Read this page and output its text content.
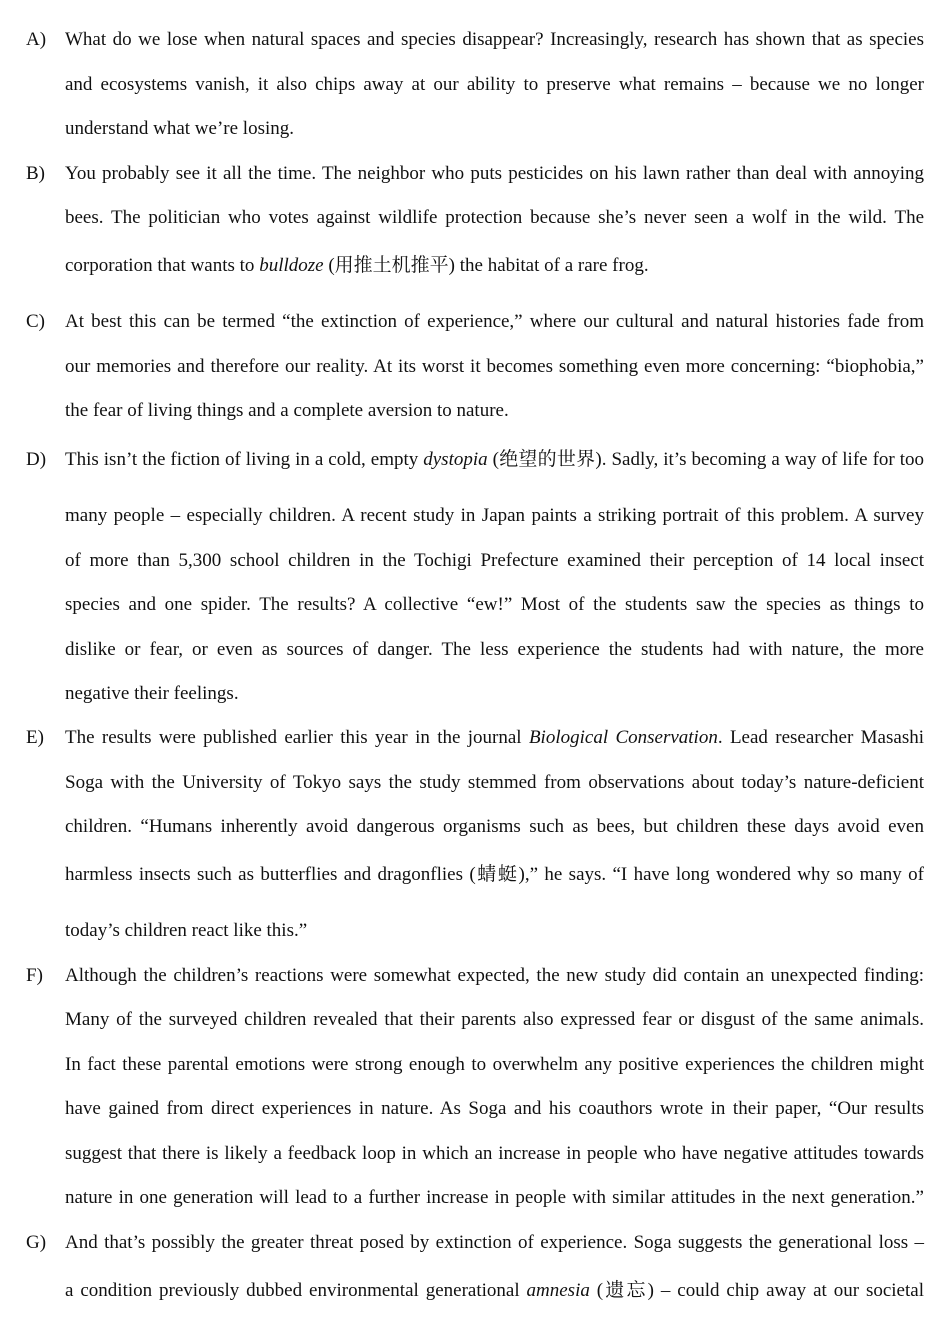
A) What do we lose when natural spaces and species disappear? Increasingly, research has shown that as species
and ecosystems vanish, it also chips away at our ability to preserve what remains – because we no longer
understand what we’re losing.
B) You probably see it all the time. The neighbor who puts pesticides on his lawn rather than deal with annoying
bees. The politician who votes against wildlife protection because she’s never seen a wolf in the wild. The
corporation that wants to bulldoze (用推土机推平) the habitat of a rare frog.
C) At best this can be termed “the extinction of experience,” where our cultural and natural histories fade from
our memories and therefore our reality. At its worst it becomes something even more concerning: “biophobia,”
the fear of living things and a complete aversion to nature.
D) This isn’t the fiction of living in a cold, empty dystopia (绝望的世界). Sadly, it’s becoming a way of life for too
many people – especially children. A recent study in Japan paints a striking portrait of this problem. A survey
of more than 5,300 school children in the Tochigi Prefecture examined their perception of 14 local insect
species and one spider. The results? A collective “ew!” Most of the students saw the species as things to
dislike or fear, or even as sources of danger. The less experience the students had with nature, the more
negative their feelings.
E) The results were published earlier this year in the journal Biological Conservation. Lead researcher Masashi
Soga with the University of Tokyo says the study stemmed from observations about today’s nature-deficient
children. “Humans inherently avoid dangerous organisms such as bees, but children these days avoid even
harmless insects such as butterflies and dragonflies (蜻蜓),” he says. “I have long wondered why so many of
today’s children react like this.”
F) Although the children’s reactions were somewhat expected, the new study did contain an unexpected finding:
Many of the surveyed children revealed that their parents also expressed fear or disgust of the same animals.
In fact these parental emotions were strong enough to overwhelm any positive experiences the children might
have gained from direct experiences in nature. As Soga and his coauthors wrote in their paper, “Our results
suggest that there is likely a feedback loop in which an increase in people who have negative attitudes towards
nature in one generation will lead to a further increase in people with similar attitudes in the next generation.”
G) And that’s possibly the greater threat posed by extinction of experience. Soga suggests the generational loss –
a condition previously dubbed environmental generational amnesia (遗忘) – could chip away at our societal
